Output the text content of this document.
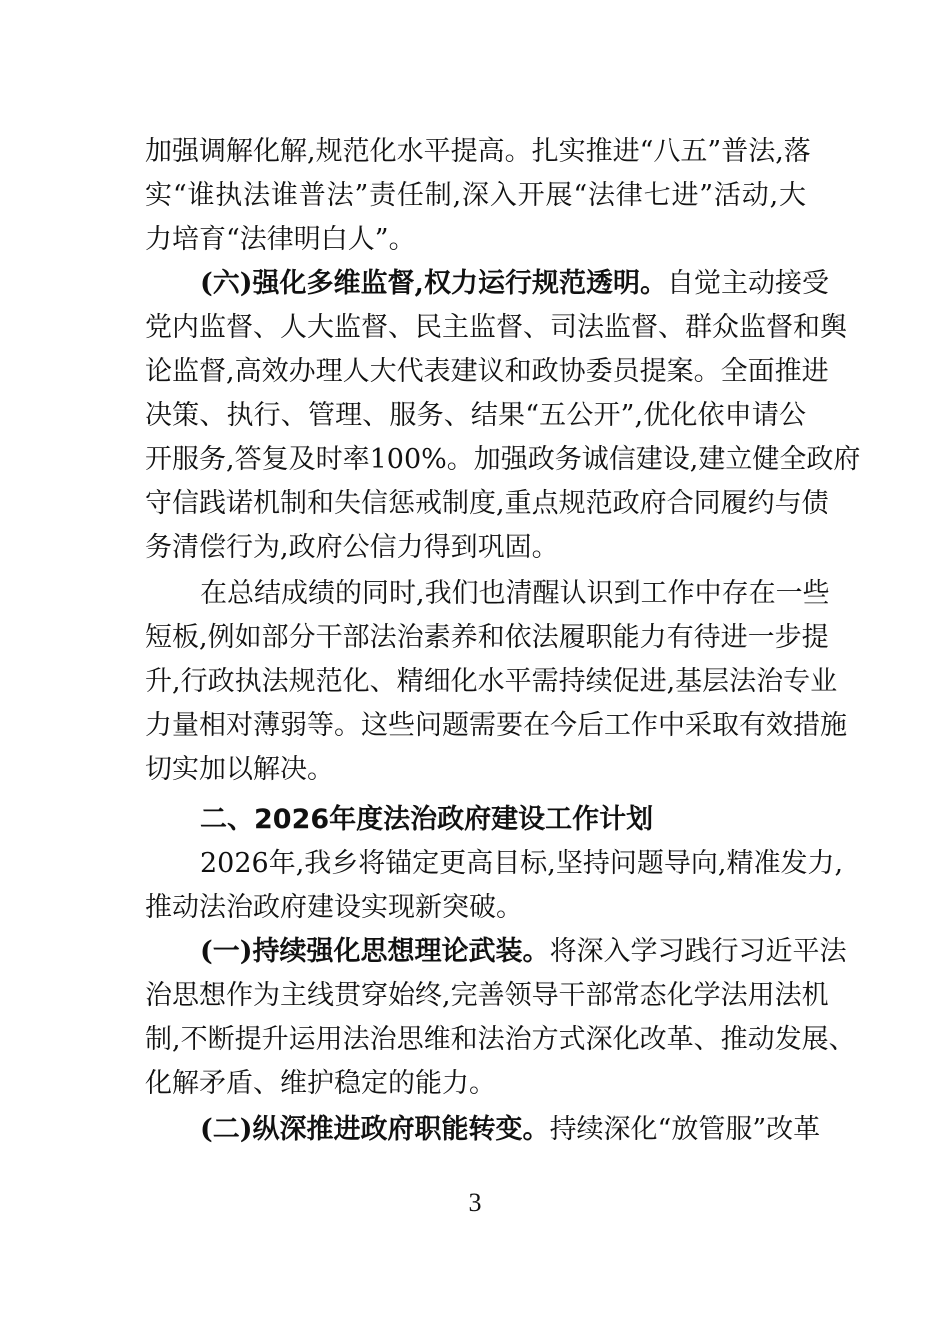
加强调解化解,规范化水平提高。扎实推进“八五”普法,落
实“谁执法谁普法”责任制,深入开展“法律七进”活动,大
力培育“法律明白人”。
(六)强化多维监督,权力运行规范透明。自觉主动接受
党内监督、人大监督、民主监督、司法监督、群众监督和舆
论监督,高效办理人大代表建议和政协委员提案。全面推进
决策、执行、管理、服务、结果“五公开”,优化依申请公
开服务,答复及时率100%。加强政务诚信建设,建立健全政府
守信践诺机制和失信惩戒制度,重点规范政府合同履约与债
务清偿行为,政府公信力得到巩固。
在总结成绩的同时,我们也清醒认识到工作中存在一些
短板,例如部分干部法治素养和依法履职能力有待进一步提
升,行政执法规范化、精细化水平需持续促进,基层法治专业
力量相对薄弱等。这些问题需要在今后工作中采取有效措施
切实加以解决。
二、2026年度法治政府建设工作计划
2026年,我乡将锚定更高目标,坚持问题导向,精准发力,
推动法治政府建设实现新突破。
(一)持续强化思想理论武装。将深入学习践行习近平法
治思想作为主线贯穿始终,完善领导干部常态化学法用法机
制,不断提升运用法治思维和法治方式深化改革、推动发展、
化解矛盾、维护稳定的能力。
(二)纵深推进政府职能转变。持续深化“放管服”改革
3
